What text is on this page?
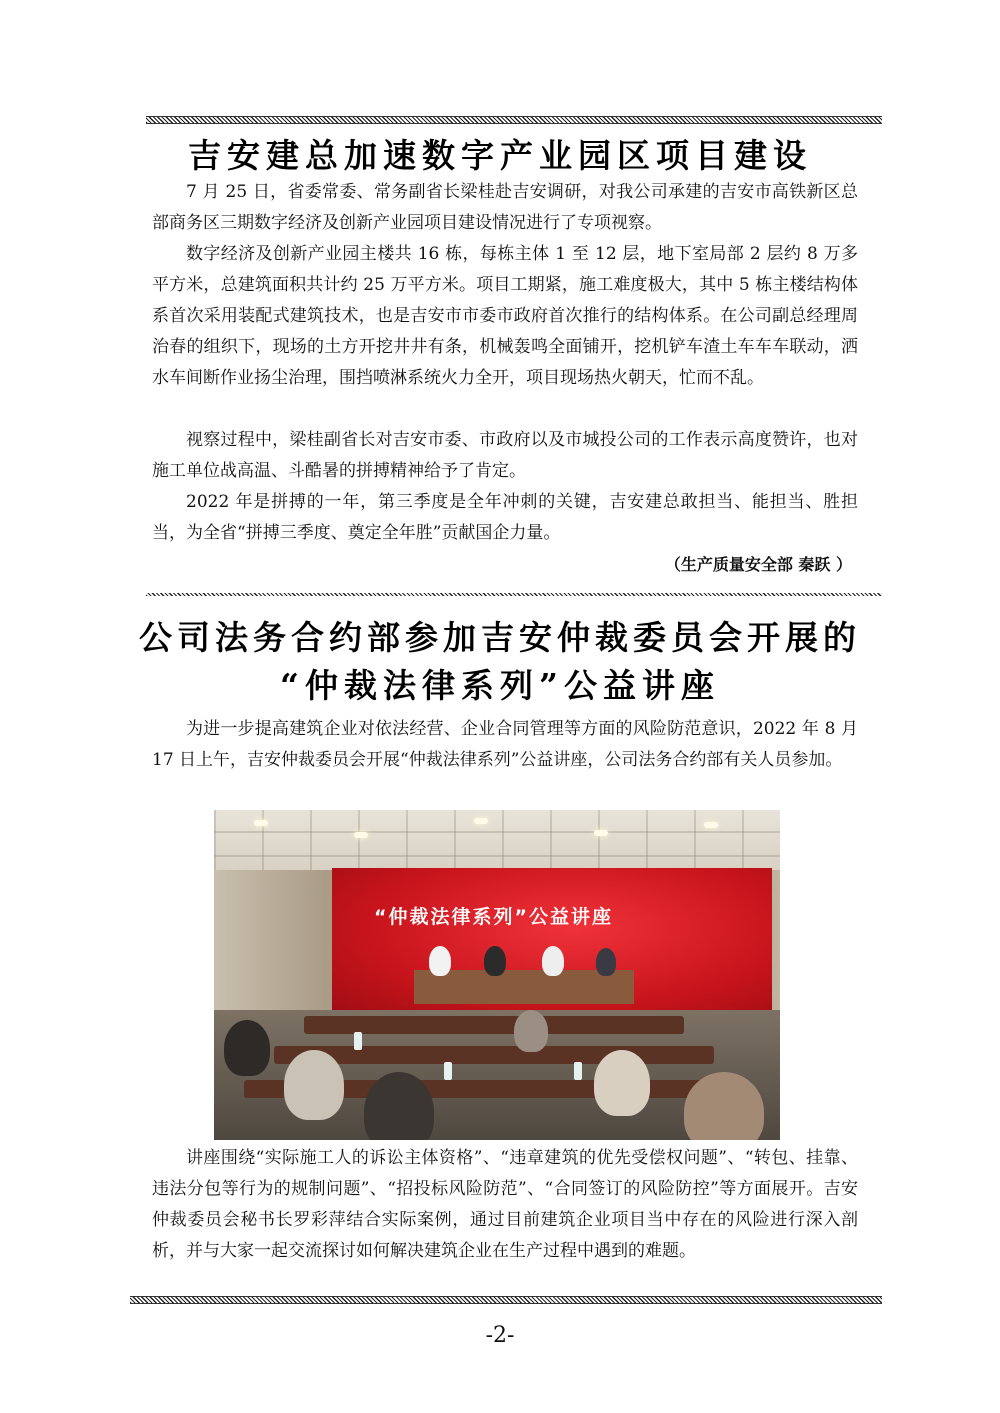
吉安建总加速数字产业园区项目建设

7 月 25 日，省委常委、常务副省长梁桂赴吉安调研，对我公司承建的吉安市高铁新区总部商务区三期数字经济及创新产业园项目建设情况进行了专项视察。

数字经济及创新产业园主楼共 16 栋，每栋主体 1 至 12 层，地下室局部 2 层约 8 万多平方米，总建筑面积共计约 25 万平方米。项目工期紧，施工难度极大，其中 5 栋主楼结构体系首次采用装配式建筑技术，也是吉安市市委市政府首次推行的结构体系。在公司副总经理周治春的组织下，现场的土方开挖井井有条，机械轰鸣全面铺开，挖机铲车渣土车车车联动，洒水车间断作业扬尘治理，围挡喷淋系统火力全开，项目现场热火朝天，忙而不乱。

视察过程中，梁桂副省长对吉安市委、市政府以及市城投公司的工作表示高度赞许，也对施工单位战高温、斗酷暑的拼搏精神给予了肯定。

2022 年是拼搏的一年，第三季度是全年冲刺的关键，吉安建总敢担当、能担当、胜担当，为全省“拼搏三季度、奠定全年胜”贡献国企力量。

（生产质量安全部 秦跃 ）

公司法务合约部参加吉安仲裁委员会开展的
“仲裁法律系列”公益讲座

为进一步提高建筑企业对依法经营、企业合同管理等方面的风险防范意识，2022 年 8 月 17 日上午，吉安仲裁委员会开展“仲裁法律系列”公益讲座，公司法务合约部有关人员参加。

“仲裁法律系列”公益讲座

讲座围绕“实际施工人的诉讼主体资格”、“违章建筑的优先受偿权问题”、“转包、挂靠、违法分包等行为的规制问题”、“招投标风险防范”、“合同签订的风险防控”等方面展开。吉安仲裁委员会秘书长罗彩萍结合实际案例，通过目前建筑企业项目当中存在的风险进行深入剖析，并与大家一起交流探讨如何解决建筑企业在生产过程中遇到的难题。

-2-
